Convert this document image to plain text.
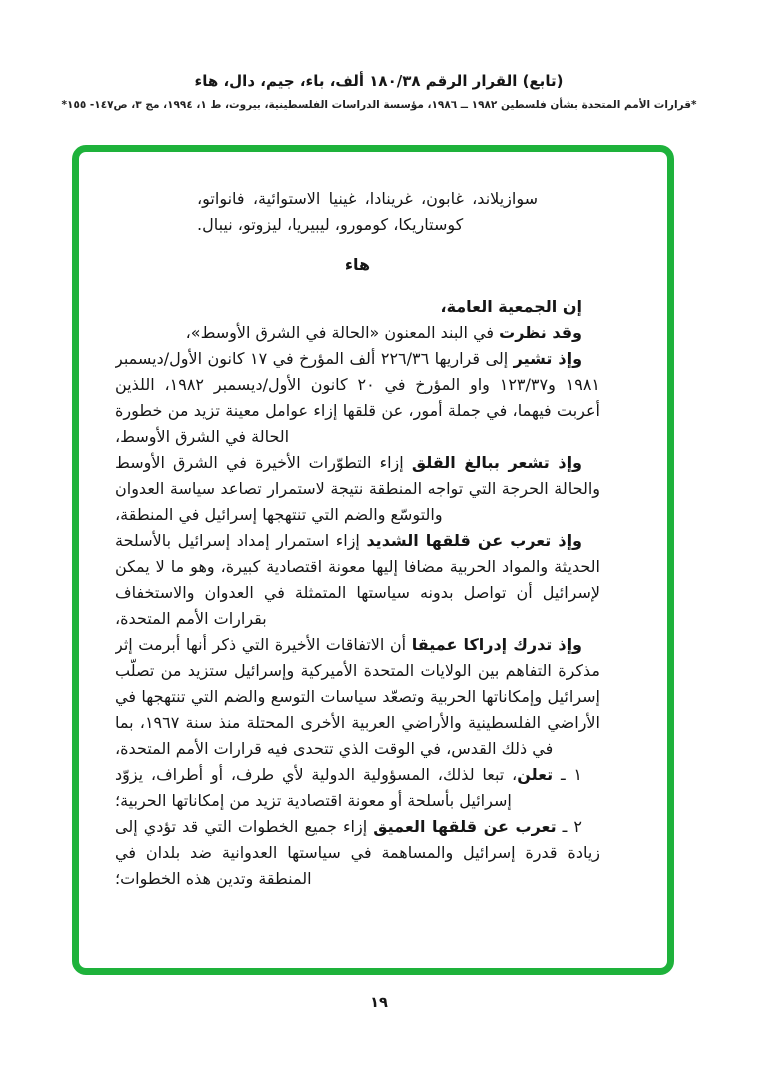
(تابع) القرار الرقم ١٨٠/٣٨ ألف، باء، جيم، دال، هاء
*قرارات الأمم المتحدة بشأن فلسطين ١٩٨٢ ــ ١٩٨٦، مؤسسة الدراسات الفلسطينية، بيروت، ط ١، ١٩٩٤، مج ٣، ص١٤٧- ١٥٥*
سوازيلاند، غابون، غرينادا، غينيا الاستوائية، فانواتو، كوستاريكا، كومورو، ليبيريا، ليزوتو، نيبال.
هاء
إن الجمعية العامة،
وقد نظرت في البند المعنون «الحالة في الشرق الأوسط»،
وإذ تشير إلى قراريها ٢٢٦/٣٦ ألف المؤرخ في ١٧ كانون الأول/ديسمبر ١٩٨١ و١٢٣/٣٧ واو المؤرخ في ٢٠ كانون الأول/ديسمبر ١٩٨٢، اللذين أعربت فيهما، في جملة أمور، عن قلقها إزاء عوامل معينة تزيد من خطورة الحالة في الشرق الأوسط،
وإذ تشعر ببالغ القلق إزاء التطوّرات الأخيرة في الشرق الأوسط والحالة الحرجة التي تواجه المنطقة نتيجة لاستمرار تصاعد سياسة العدوان والتوسّع والضم التي تنتهجها إسرائيل في المنطقة،
وإذ تعرب عن قلقها الشديد إزاء استمرار إمداد إسرائيل بالأسلحة الحديثة والمواد الحربية مضافا إليها معونة اقتصادية كبيرة، وهو ما لا يمكن لإسرائيل أن تواصل بدونه سياستها المتمثلة في العدوان والاستخفاف بقرارات الأمم المتحدة،
وإذ تدرك إدراكا عميقا أن الاتفاقات الأخيرة التي ذكر أنها أبرمت إثر مذكرة التفاهم بين الولايات المتحدة الأميركية وإسرائيل ستزيد من تصلّب إسرائيل وإمكاناتها الحربية وتصعّد سياسات التوسع والضم التي تنتهجها في الأراضي الفلسطينية والأراضي العربية الأخرى المحتلة منذ سنة ١٩٦٧، بما في ذلك القدس، في الوقت الذي تتحدى فيه قرارات الأمم المتحدة،
١ ـ تعلن، تبعا لذلك، المسؤولية الدولية لأي طرف، أو أطراف، يزوّد إسرائيل بأسلحة أو معونة اقتصادية تزيد من إمكاناتها الحربية؛
٢ ـ تعرب عن قلقها العميق إزاء جميع الخطوات التي قد تؤدي إلى زيادة قدرة إسرائيل والمساهمة في سياستها العدوانية ضد بلدان في المنطقة وتدين هذه الخطوات؛
١٩
